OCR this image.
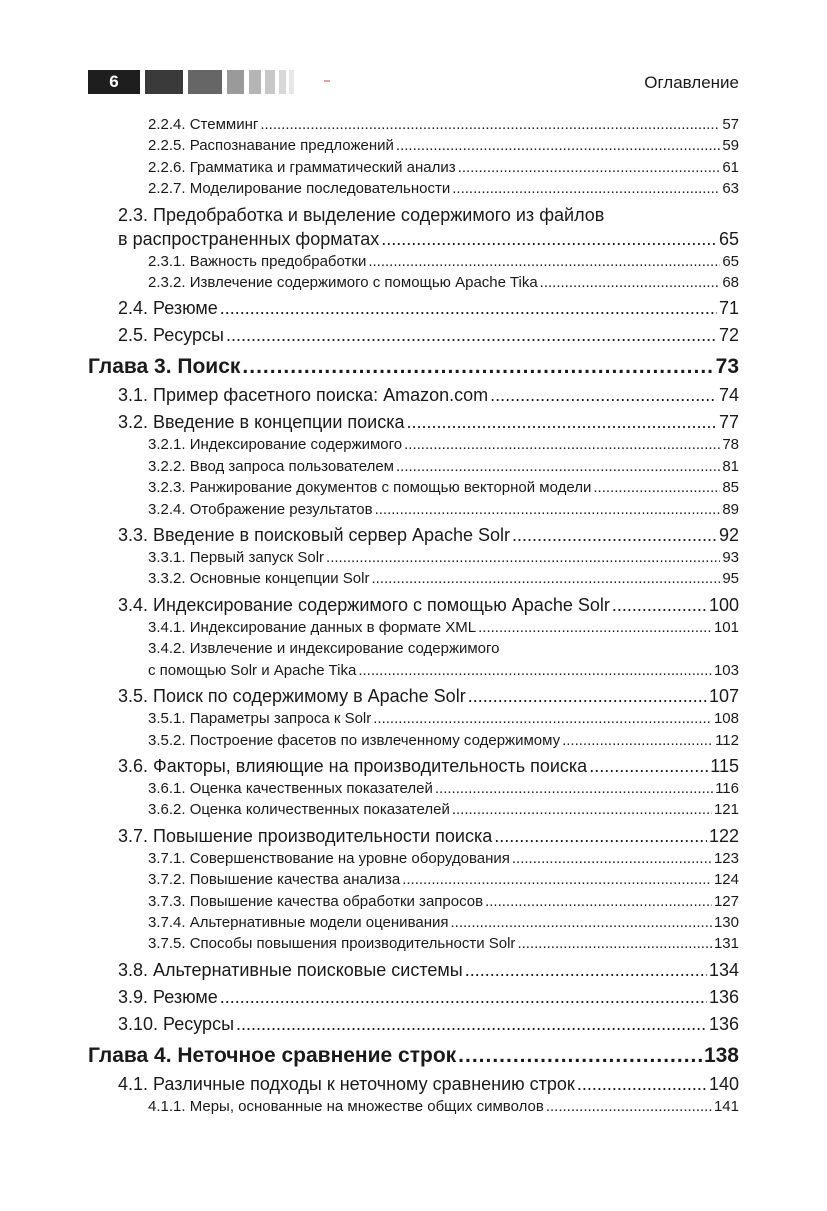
6	Оглавление
2.2.4. Стемминг .....	57
2.2.5. Распознавание предложений .....	59
2.2.6. Грамматика и грамматический анализ .....	61
2.2.7. Моделирование последовательности .....	63
2.3. Предобработка и выделение содержимого из файлов
в распространенных форматах .....	65
2.3.1. Важность предобработки .....	65
2.3.2. Извлечение содержимого с помощью Apache Tika .....	68
2.4. Резюме .....	71
2.5. Ресурсы .....	72
Глава 3. Поиск .....	73
3.1. Пример фасетного поиска: Amazon.com .....	74
3.2. Введение в концепции поиска .....	77
3.2.1. Индексирование содержимого .....	78
3.2.2. Ввод запроса пользователем .....	81
3.2.3. Ранжирование документов с помощью векторной модели .....	85
3.2.4. Отображение результатов .....	89
3.3. Введение в поисковый сервер Apache Solr .....	92
3.3.1. Первый запуск Solr .....	93
3.3.2. Основные концепции Solr .....	95
3.4. Индексирование содержимого с помощью Apache Solr .....	100
3.4.1. Индексирование данных в формате XML .....	101
3.4.2. Извлечение и индексирование содержимого
с помощью Solr и Apache Tika .....	103
3.5. Поиск по содержимому в Apache Solr .....	107
3.5.1. Параметры запроса к Solr .....	108
3.5.2. Построение фасетов по извлеченному содержимому .....	112
3.6. Факторы, влияющие на производительность поиска .....	115
3.6.1. Оценка качественных показателей .....	116
3.6.2. Оценка количественных показателей .....	121
3.7. Повышение производительности поиска .....	122
3.7.1. Совершенствование на уровне оборудования .....	123
3.7.2. Повышение качества анализа .....	124
3.7.3. Повышение качества обработки запросов .....	127
3.7.4. Альтернативные модели оценивания .....	130
3.7.5. Способы повышения производительности Solr .....	131
3.8. Альтернативные поисковые системы .....	134
3.9. Резюме .....	136
3.10. Ресурсы .....	136
Глава 4. Неточное сравнение строк .....	138
4.1. Различные подходы к неточному сравнению строк .....	140
4.1.1. Меры, основанные на множестве общих символов .....	141
